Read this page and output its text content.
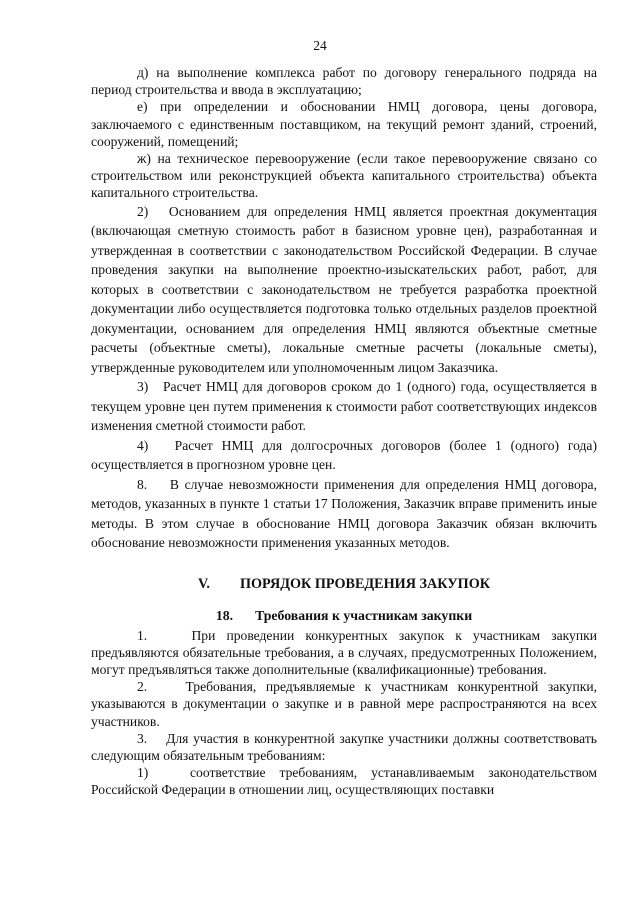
24

д) на выполнение комплекса работ по договору генерального подряда на период строительства и ввода в эксплуатацию;

е) при определении и обосновании НМЦ договора, цены договора, заключаемого с единственным поставщиком, на текущий ремонт зданий, строений, сооружений, помещений;

ж) на техническое перевооружение (если такое перевооружение связано со строительством или реконструкцией объекта капитального строительства) объекта капитального строительства.

2)   Основанием для определения НМЦ является проектная документация (включающая сметную стоимость работ в базисном уровне цен), разработанная и утвержденная в соответствии с законодательством Российской Федерации. В случае проведения закупки на выполнение проектно-изыскательских работ, работ, для которых в соответствии с законодательством не требуется разработка проектной документации либо осуществляется подготовка только отдельных разделов проектной документации, основанием для определения НМЦ являются объектные сметные расчеты (объектные сметы), локальные сметные расчеты (локальные сметы), утвержденные руководителем или уполномоченным лицом Заказчика.

3)   Расчет НМЦ для договоров сроком до 1 (одного) года, осуществляется в текущем уровне цен путем применения к стоимости работ соответствующих индексов изменения сметной стоимости работ.

4)   Расчет НМЦ для долгосрочных договоров (более 1 (одного) года) осуществляется в прогнозном уровне цен.

8.    В случае невозможности применения для определения НМЦ договора, методов, указанных в пункте 1 статьи 17 Положения, Заказчик вправе применить иные методы. В этом случае в обоснование НМЦ договора Заказчик обязан включить обоснование невозможности применения указанных методов.

V. ПОРЯДОК ПРОВЕДЕНИЯ ЗАКУПОК
18. Требования к участникам закупки

1.    При проведении конкурентных закупок к участникам закупки предъявляются обязательные требования, а в случаях, предусмотренных Положением, могут предъявляться также дополнительные (квалификационные) требования.

2.    Требования, предъявляемые к участникам конкурентной закупки, указываются в документации о закупке и в равной мере распространяются на всех участников.

3.    Для участия в конкурентной закупке участники должны соответствовать следующим обязательным требованиям:

1)   соответствие требованиям, устанавливаемым законодательством Российской Федерации в отношении лиц, осуществляющих поставки
